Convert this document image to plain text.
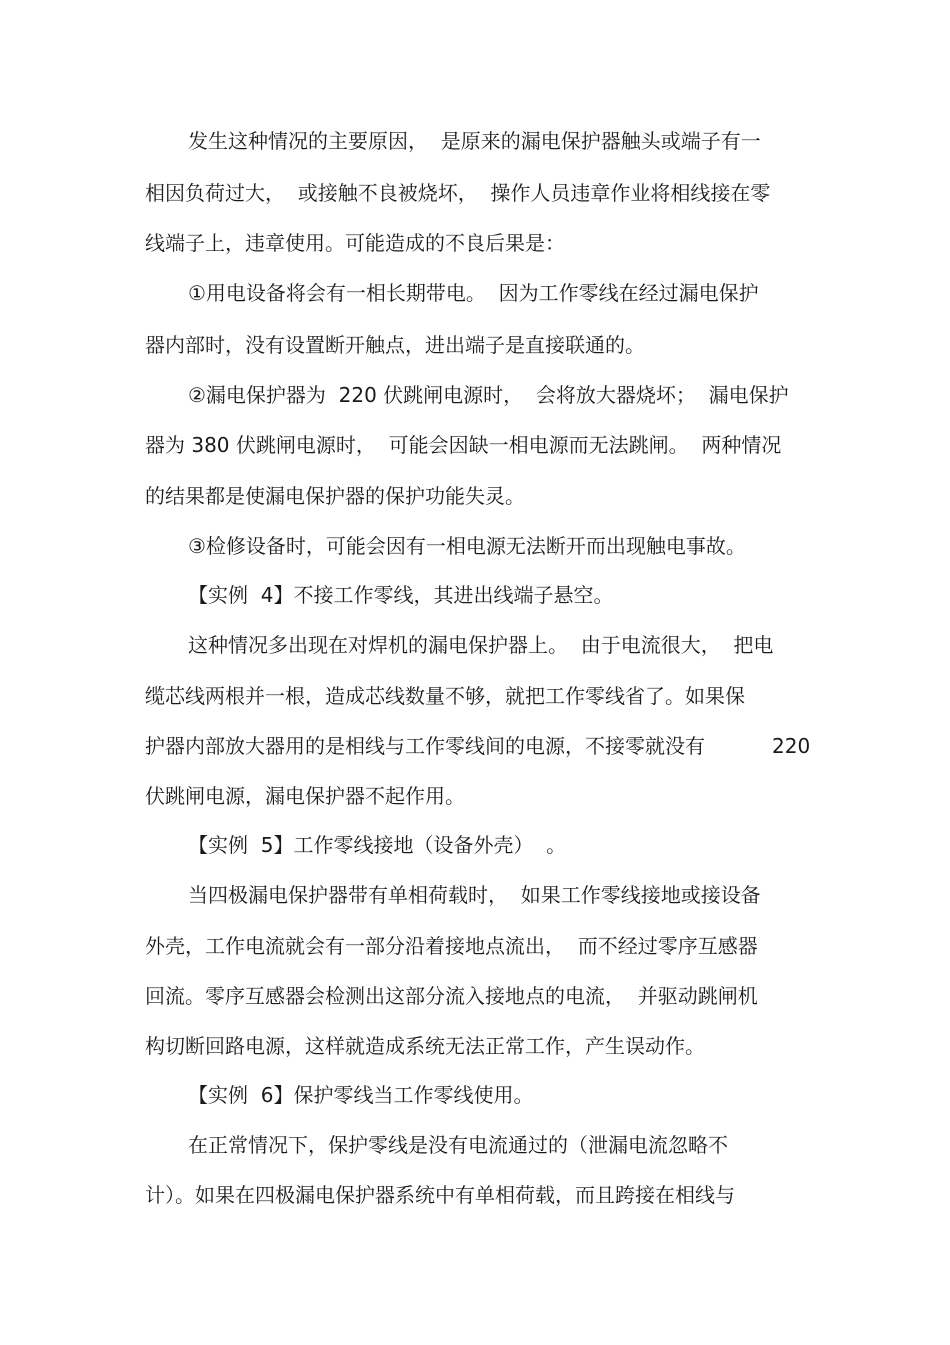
发生这种情况的主要原因，  是原来的漏电保护器触头或端子有一
相因负荷过大，  或接触不良被烧坏，  操作人员违章作业将相线接在零
线端子上，违章使用。可能造成的不良后果是：
①用电设备将会有一相长期带电。  因为工作零线在经过漏电保护
器内部时，没有设置断开触点，进出端子是直接联通的。
②漏电保护器为  220 伏跳闸电源时，  会将放大器烧坏；  漏电保护
器为 380 伏跳闸电源时，  可能会因缺一相电源而无法跳闸。  两种情况
的结果都是使漏电保护器的保护功能失灵。
③检修设备时，可能会因有一相电源无法断开而出现触电事故。
【实例  4】不接工作零线，其进出线端子悬空。
这种情况多出现在对焊机的漏电保护器上。  由于电流很大，  把电
缆芯线两根并一根，造成芯线数量不够，就把工作零线省了。如果保
护器内部放大器用的是相线与工作零线间的电源，不接零就没有	220
伏跳闸电源，漏电保护器不起作用。
【实例  5】工作零线接地（设备外壳）  。
当四极漏电保护器带有单相荷载时，  如果工作零线接地或接设备
外壳，工作电流就会有一部分沿着接地点流出，  而不经过零序互感器
回流。零序互感器会检测出这部分流入接地点的电流，  并驱动跳闸机
构切断回路电源，这样就造成系统无法正常工作，产生误动作。
【实例  6】保护零线当工作零线使用。
在正常情况下，保护零线是没有电流通过的（泄漏电流忽略不
计）。如果在四极漏电保护器系统中有单相荷载，而且跨接在相线与
